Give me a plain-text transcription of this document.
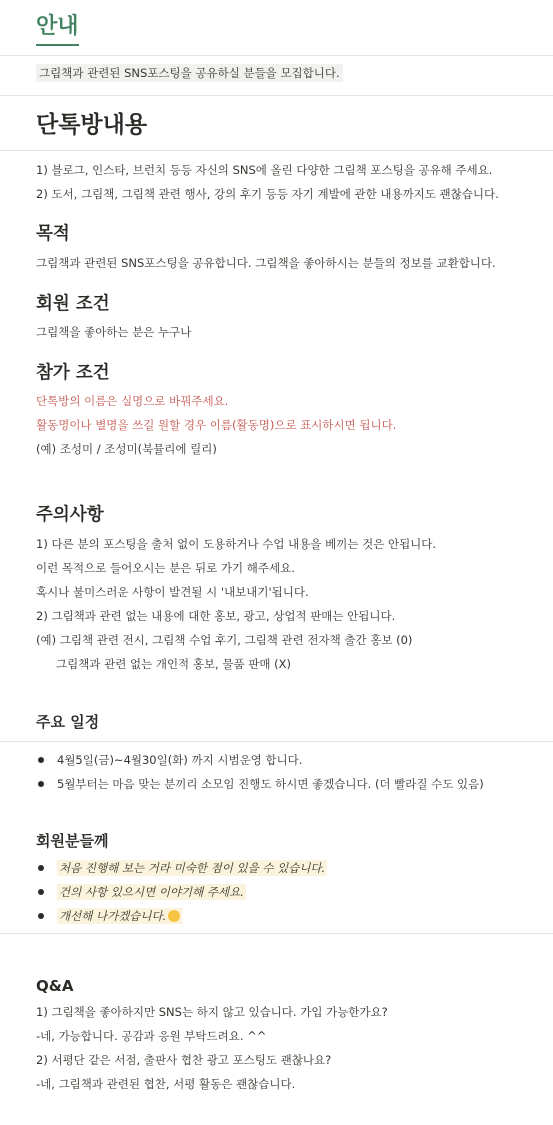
안내
그림책과 관련된 SNS포스팅을 공유하실 분들을 모집합니다.
단톡방내용
1) 블로그, 인스타, 브런치 등등 자신의 SNS에 올린 다양한 그림책 포스팅을 공유해 주세요.
2) 도서, 그림책, 그림책 관련 행사, 강의 후기 등등 자기 계발에 관한 내용까지도 괜찮습니다.
목적
그림책과 관련된 SNS포스팅을 공유합니다. 그림책을 좋아하시는 분들의 정보를 교환합니다.
회원 조건
그림책을 좋아하는 분은 누구나
참가 조건
단톡방의 이름은 실명으로 바꿔주세요.
활동명이나 별명을 쓰길 원할 경우 이름(활동명)으로 표시하시면 됩니다.
(예) 조성미 / 조성미(북뮬리에 릴리)
주의사항
1) 다른 분의 포스팅을 출처 없이 도용하거나 수업 내용을 베끼는 것은 안됩니다.
이런 목적으로 들어오시는 분은 뒤로 가기 해주세요.
혹시나 불미스러운 사항이 발견될 시 '내보내기'됩니다.
2) 그림책과 관련 없는 내용에 대한 홍보, 광고, 상업적 판매는 안됩니다.
(예) 그림책 관련 전시, 그림책 수업 후기, 그림책 관련 전자책 출간 홍보 (0)
그림책과 관련 없는 개인적 홍보, 물품 판매 (X)
주요 일정
4월5일(금)~4월30일(화) 까지 시범운영 합니다.
5월부터는 마음 맞는 분끼리 소모임 진행도 하시면 좋겠습니다. (더 빨라질 수도 있음)
회원분들께
처음 진행해 보는 거라 미숙한 점이 있을 수 있습니다.
건의 사항 있으시면 이야기해 주세요.
개선해 나가겠습니다.
Q&A
1) 그림책을 좋아하지만 SNS는 하지 않고 있습니다. 가입 가능한가요?
-네, 가능합니다. 공감과 응원 부탁드려요. ^^
2) 서평단 같은 서점, 출판사 협찬 광고 포스팅도 괜찮나요?
-네, 그림책과 관련된 협찬, 서평 활동은 괜찮습니다.
